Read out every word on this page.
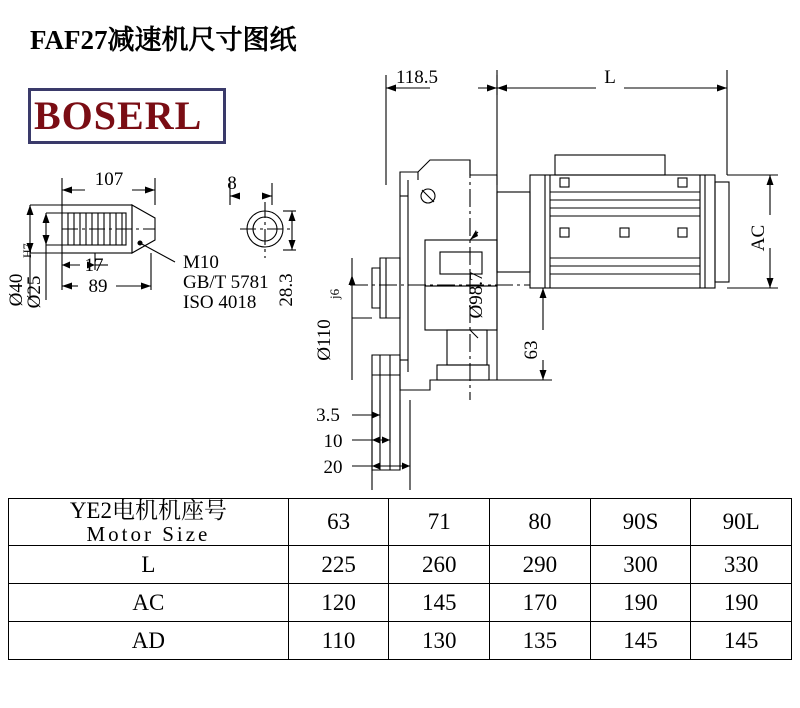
FAF27减速机尺寸图纸
BOSERL
118.5	L
AC
107	8
17
89
Ø40
Ø25
H7
M10
GB/T 5781
ISO 4018 28.3	Ø98.7
Ø110
j6
63
3.5
10
20
YE2电机机座号
Motor Size	63	71	80	90S	90L
L	225	260	290	300	330
AC	120	145	170	190	190
AD	110	130	135	145	145
